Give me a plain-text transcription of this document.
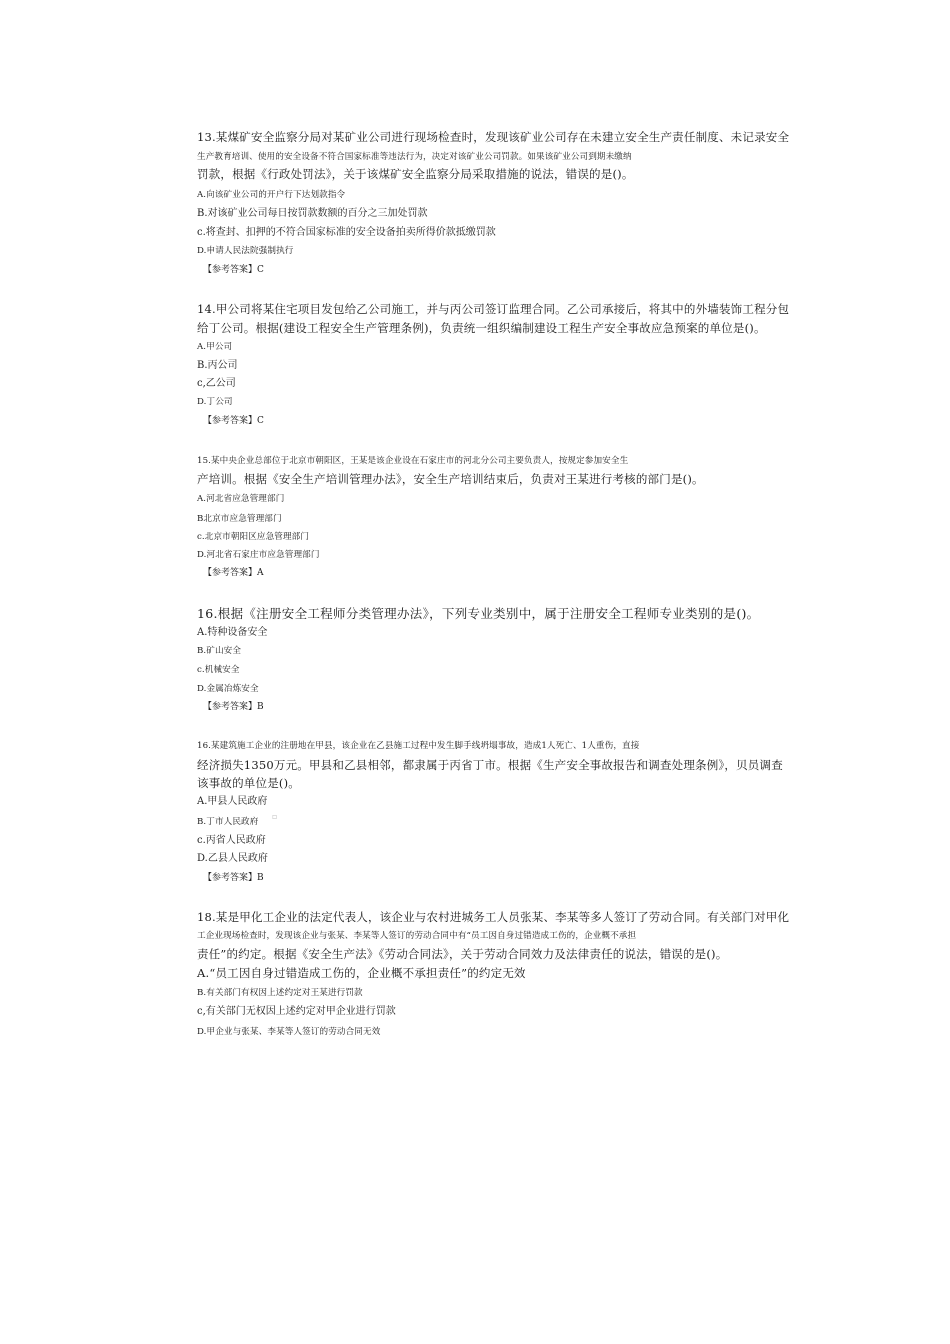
13.某煤矿安全监察分局对某矿业公司进行现场检查时，发现该矿业公司存在未建立安全生产责任制度、未记录安全
生产教育培训、使用的安全设备不符合国家标准等违法行为，决定对该矿业公司罚款。如果该矿业公司到期未缴纳
罚款，根据《行政处罚法》，关于该煤矿安全监察分局采取措施的说法，错误的是()。
A.向该矿业公司的开户行下达划款指令
B.对该矿业公司每日按罚款数额的百分之三加处罚款
c.将查封、扣押的不符合国家标准的安全设备拍卖所得价款抵缴罚款
D.申请人民法院强制执行
【参考答案】C
14.甲公司将某住宅项目发包给乙公司施工，并与丙公司签订监理合同。乙公司承接后，将其中的外墙装饰工程分包
给丁公司。根据(建设工程安全生产管理条例)，负责统一组织编制建设工程生产安全事故应急预案的单位是()。
A.甲公司
B.丙公司
c,乙公司
D.丁公司
【参考答案】C
15.某中央企业总部位于北京市朝阳区，王某是该企业设在石家庄市的河北分公司主要负责人，按规定参加安全生
产培训。根据《安全生产培训管理办法》，安全生产培训结束后，负责对王某进行考核的部门是()。
A.河北省应急管理部门
B北京市应急管理部门
c.北京市朝阳区应急管理部门
D.河北省石家庄市应急管理部门
【参考答案】A
16.根据《注册安全工程师分类管理办法》，下列专业类别中，属于注册安全工程师专业类别的是()。
A.特种设备安全
B.矿山安全
c.机械安全
D.金属冶炼安全
【参考答案】B
16.某建筑施工企业的注册地在甲县，该企业在乙县施工过程中发生脚手线坍塌事故，造成1人死亡、1人重伤，直接
经济损失1350万元。甲县和乙县相邻，都隶属于丙省丁市。根据《生产安全事故报告和调查处理条例》，贝员调查
该事故的单位是()。
A.甲县人民政府
B.丁市人民政府
▫
c.丙省人民政府
D.乙县人民政府
【参考答案】B
18.某是甲化工企业的法定代表人，该企业与农村进城务工人员张某、李某等多人签订了劳动合同。有关部门对甲化
工企业现场检查时，发现该企业与张某、李某等人签订的劳动合同中有“员工因自身过错造成工伤的，企业概不承担
责任”的约定。根据《安全生产法》《劳动合同法》，关于劳动合同效力及法律责任的说法，错误的是()。
A.“员工因自身过错造成工伤的，企业概不承担责任”的约定无效
B.有关部门有权因上述约定对王某进行罚款
c,有关部门无权因上述约定对甲企业进行罚款
D.甲企业与张某、李某等人签订的劳动合同无效
